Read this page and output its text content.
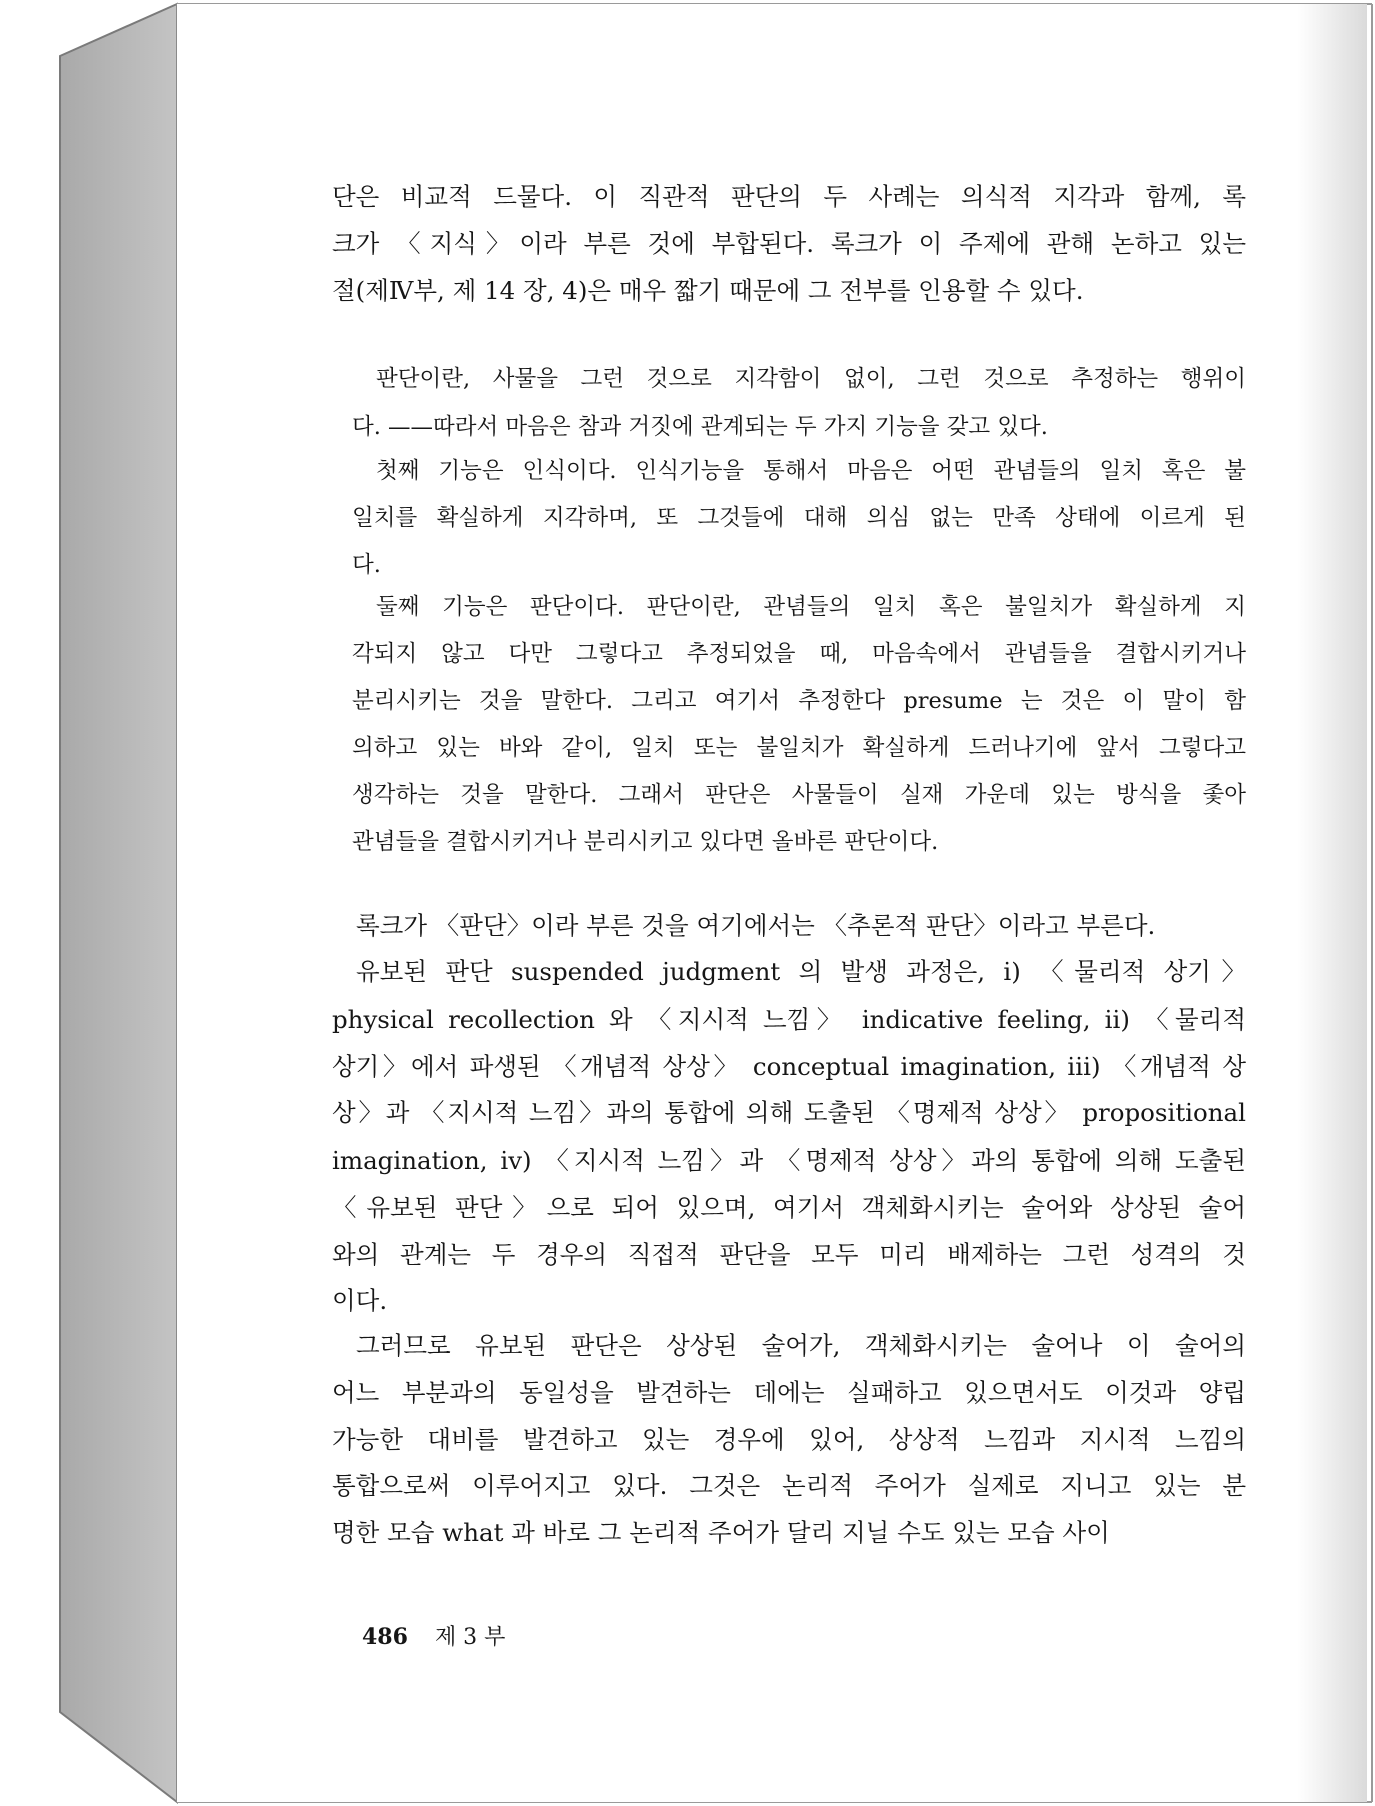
단은 비교적 드물다. 이 직관적 판단의 두 사례는 의식적 지각과 함께, 록
크가 〈지식〉이라 부른 것에 부합된다. 록크가 이 주제에 관해 논하고 있는
절(제Ⅳ부, 제 14 장, 4)은 매우 짧기 때문에 그 전부를 인용할 수 있다.
판단이란, 사물을 그런 것으로 지각함이 없이, 그런 것으로 추정하는 행위이
다. ——따라서 마음은 참과 거짓에 관계되는 두 가지 기능을 갖고 있다.
첫째 기능은 인식이다. 인식기능을 통해서 마음은 어떤 관념들의 일치 혹은 불
일치를 확실하게 지각하며, 또 그것들에 대해 의심 없는 만족 상태에 이르게 된
다.
둘째 기능은 판단이다. 판단이란, 관념들의 일치 혹은 불일치가 확실하게 지
각되지 않고 다만 그렇다고 추정되었을 때, 마음속에서 관념들을 결합시키거나
분리시키는 것을 말한다. 그리고 여기서 추정한다 presume 는 것은 이 말이 함
의하고 있는 바와 같이, 일치 또는 불일치가 확실하게 드러나기에 앞서 그렇다고
생각하는 것을 말한다. 그래서 판단은 사물들이 실재 가운데 있는 방식을 좇아
관념들을 결합시키거나 분리시키고 있다면 올바른 판단이다.
록크가 〈판단〉이라 부른 것을 여기에서는 〈추론적 판단〉이라고 부른다.
유보된 판단 suspended judgment 의 발생 과정은, i) 〈물리적 상기〉
physical recollection 와 〈지시적 느낌〉 indicative feeling, ii) 〈물리적
상기〉에서 파생된 〈개념적 상상〉 conceptual imagination, iii) 〈개념적 상
상〉과 〈지시적 느낌〉과의 통합에 의해 도출된 〈명제적 상상〉 propositional
imagination, iv) 〈지시적 느낌〉과 〈명제적 상상〉과의 통합에 의해 도출된
〈유보된 판단〉으로 되어 있으며, 여기서 객체화시키는 술어와 상상된 술어
와의 관계는 두 경우의 직접적 판단을 모두 미리 배제하는 그런 성격의 것
이다.
그러므로 유보된 판단은 상상된 술어가, 객체화시키는 술어나 이 술어의
어느 부분과의 동일성을 발견하는 데에는 실패하고 있으면서도 이것과 양립
가능한 대비를 발견하고 있는 경우에 있어, 상상적 느낌과 지시적 느낌의
통합으로써 이루어지고 있다. 그것은 논리적 주어가 실제로 지니고 있는 분
명한 모습 what 과 바로 그 논리적 주어가 달리 지닐 수도 있는 모습 사이
486 제 3 부
